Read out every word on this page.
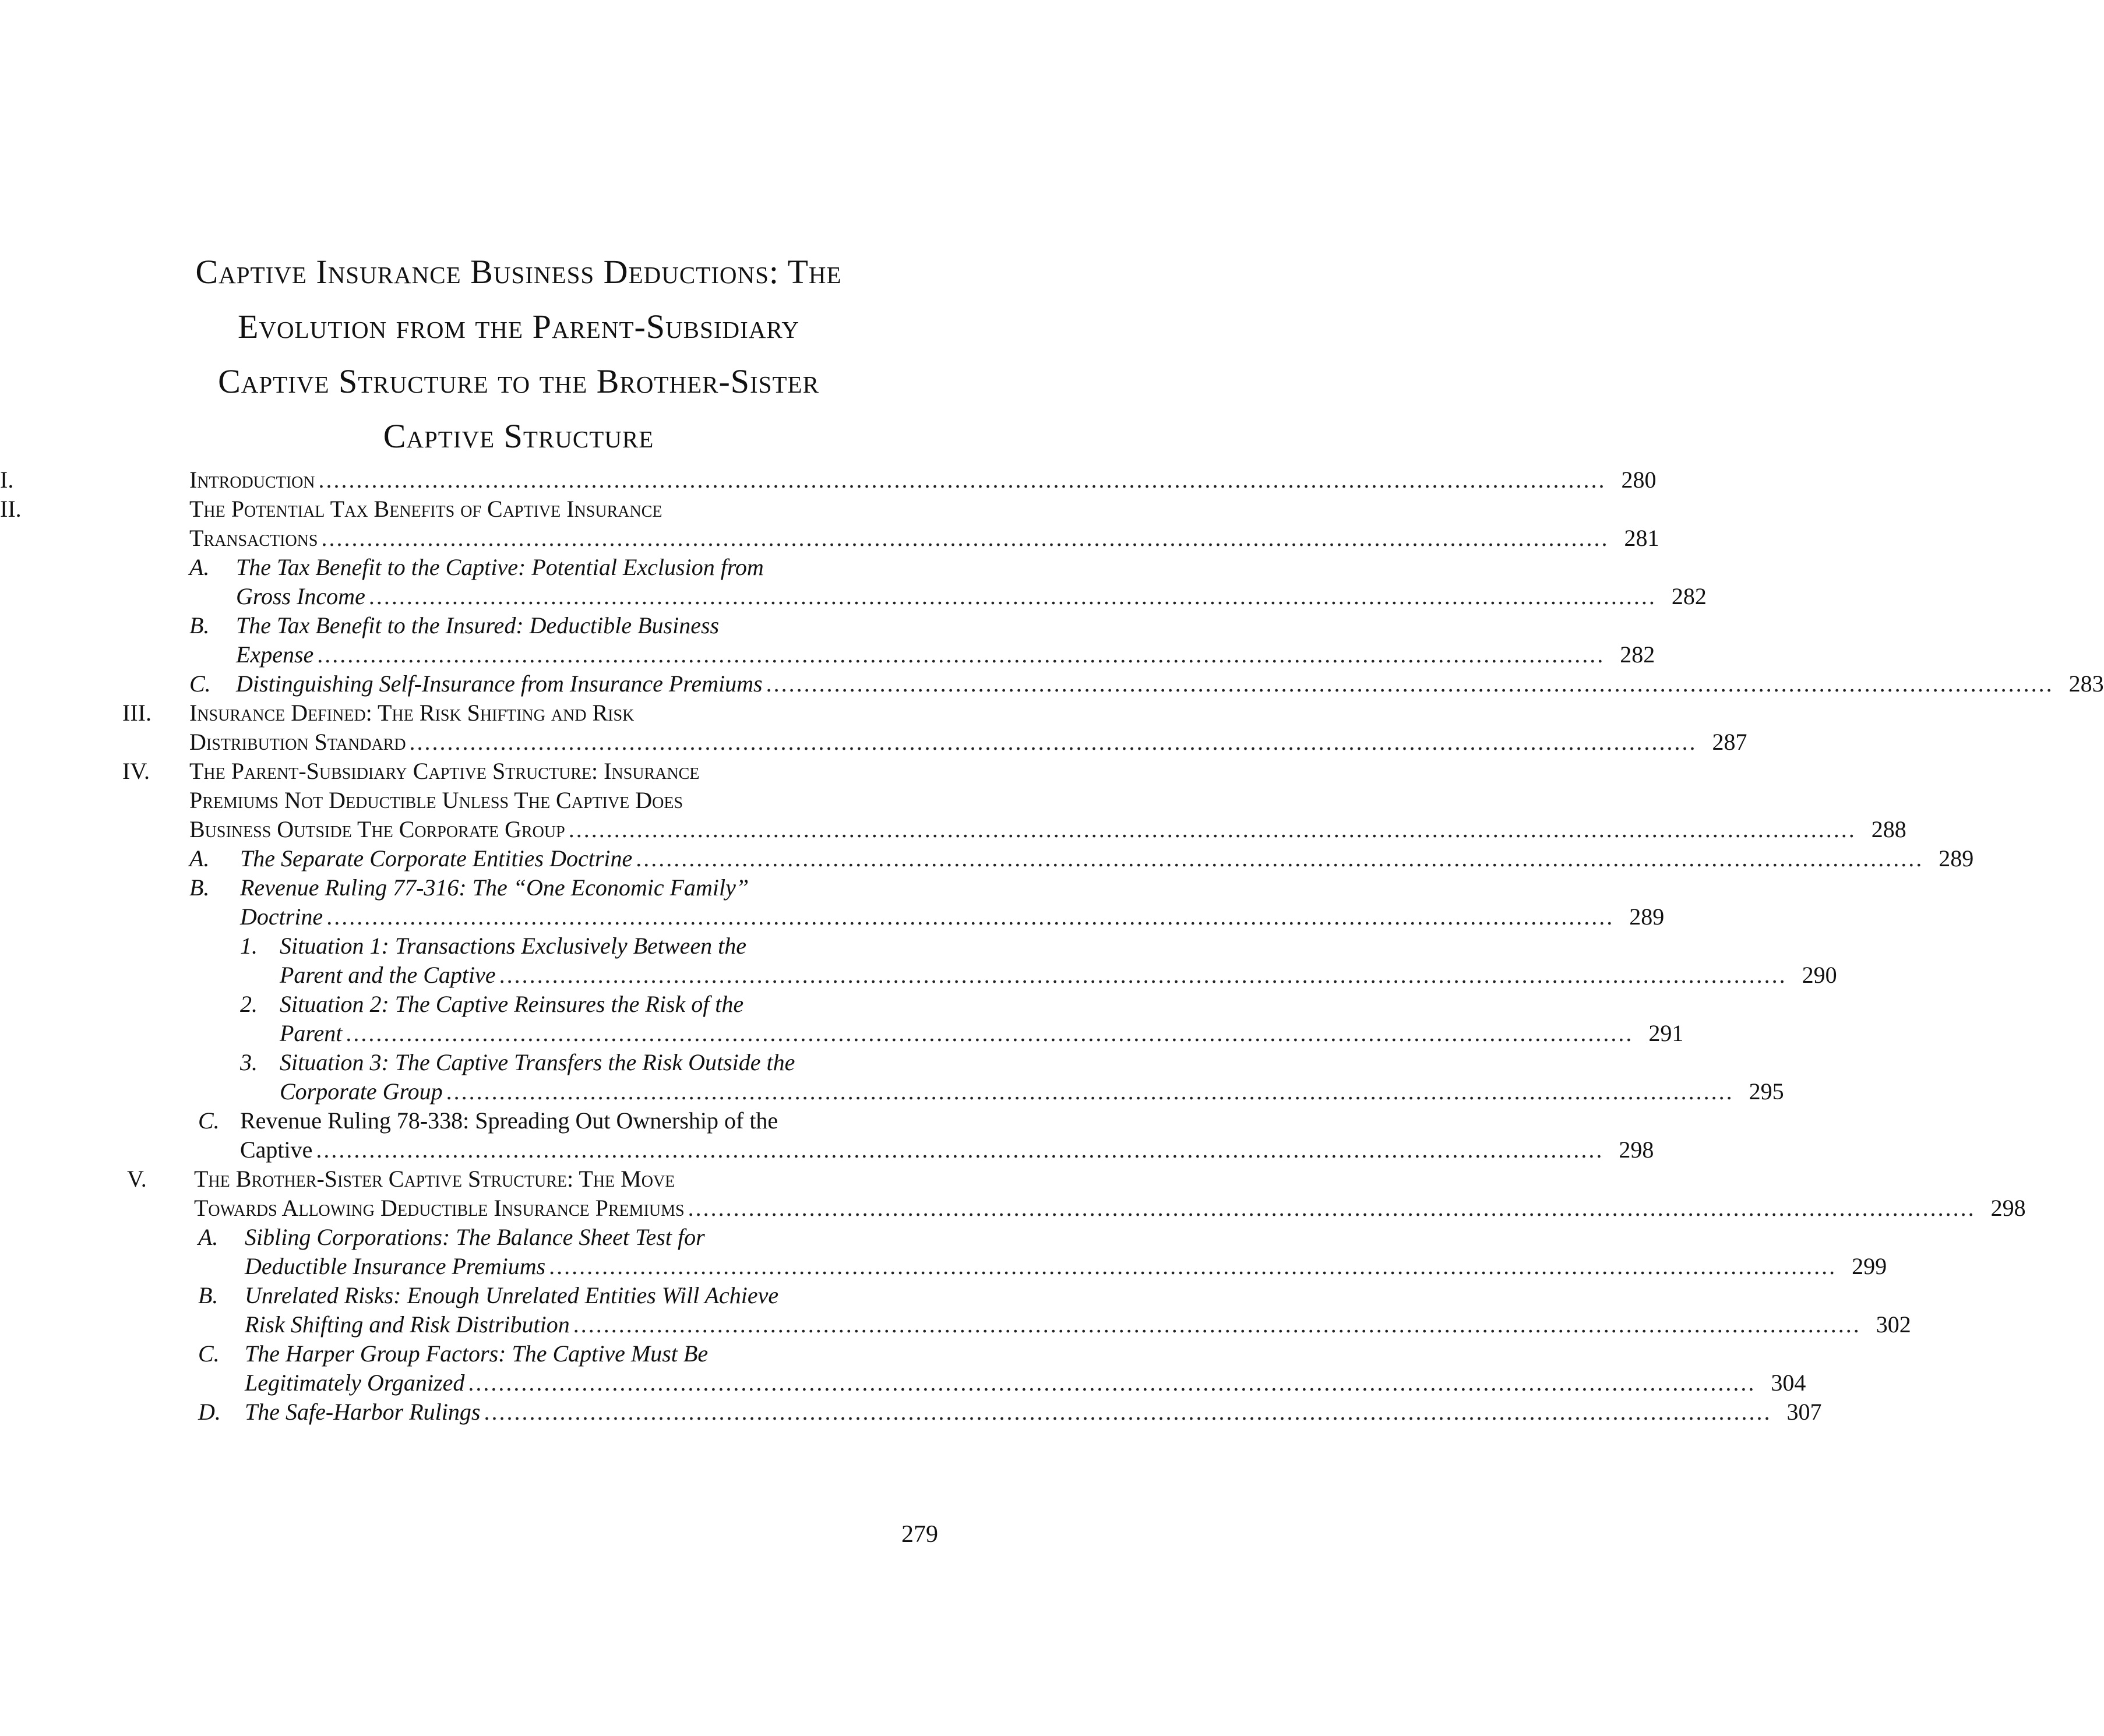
Captive Insurance Business Deductions: The
Evolution from the Parent-Subsidiary
Captive Structure to the Brother-Sister
Captive Structure
I.	Introduction .......................................................................................................................................................................... 280
II.	The Potential Tax Benefits of Captive Insurance
Transactions .......................................................................................................................................................................... 281
A. The Tax Benefit to the Captive: Potential Exclusion from
Gross Income .......................................................................................................................................................................... 282
B. The Tax Benefit to the Insured: Deductible Business
Expense .......................................................................................................................................................................... 282
C. Distinguishing Self-Insurance from Insurance Premiums .......................................................................................................................................................................... 283
III. Insurance Defined: The Risk Shifting and Risk
Distribution Standard .......................................................................................................................................................................... 287
IV. The Parent-Subsidiary Captive Structure: Insurance
Premiums Not Deductible Unless The Captive Does
Business Outside The Corporate Group .......................................................................................................................................................................... 288
A. The Separate Corporate Entities Doctrine .......................................................................................................................................................................... 289
B. Revenue Ruling 77-316: The “One Economic Family”
Doctrine .......................................................................................................................................................................... 289
1. Situation 1: Transactions Exclusively Between the
Parent and the Captive .......................................................................................................................................................................... 290
2. Situation 2: The Captive Reinsures the Risk of the
Parent .......................................................................................................................................................................... 291
3. Situation 3: The Captive Transfers the Risk Outside the
Corporate Group .......................................................................................................................................................................... 295
C. Revenue Ruling 78-338: Spreading Out Ownership of the
Captive .......................................................................................................................................................................... 298
V. The Brother-Sister Captive Structure: The Move
Towards Allowing Deductible Insurance Premiums .......................................................................................................................................................................... 298
A. Sibling Corporations: The Balance Sheet Test for
Deductible Insurance Premiums .......................................................................................................................................................................... 299
B. Unrelated Risks: Enough Unrelated Entities Will Achieve
Risk Shifting and Risk Distribution .......................................................................................................................................................................... 302
C. The Harper Group Factors: The Captive Must Be
Legitimately Organized .......................................................................................................................................................................... 304
D. The Safe-Harbor Rulings .......................................................................................................................................................................... 307
279
